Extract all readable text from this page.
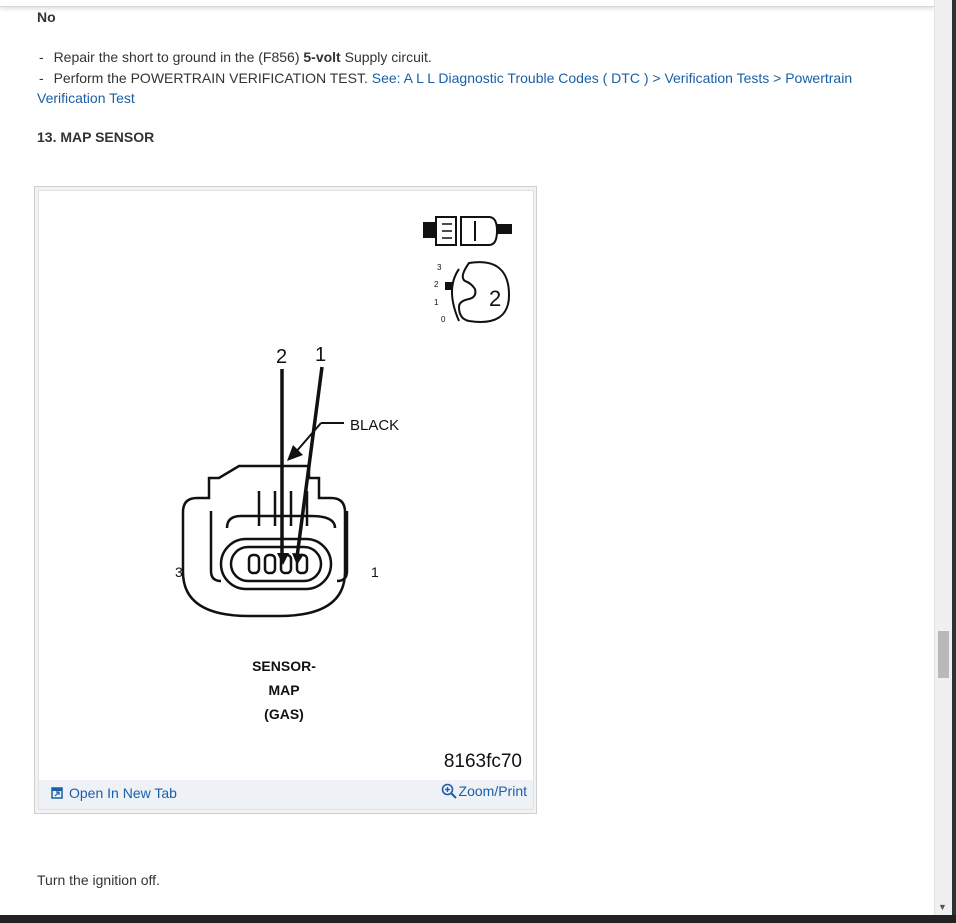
No
- Repair the short to ground in the (F856) 5-volt Supply circuit.
- Perform the POWERTRAIN VERIFICATION TEST. See: A L L Diagnostic Trouble Codes ( DTC ) > Verification Tests > Powertrain Verification Test
13. MAP SENSOR
2
3
2
1
0
2 1
BLACK
3	1
SENSOR-
MAP
(GAS)
8163fc70
Open In New Tab	Zoom/Print
Turn the ignition off.
▼
